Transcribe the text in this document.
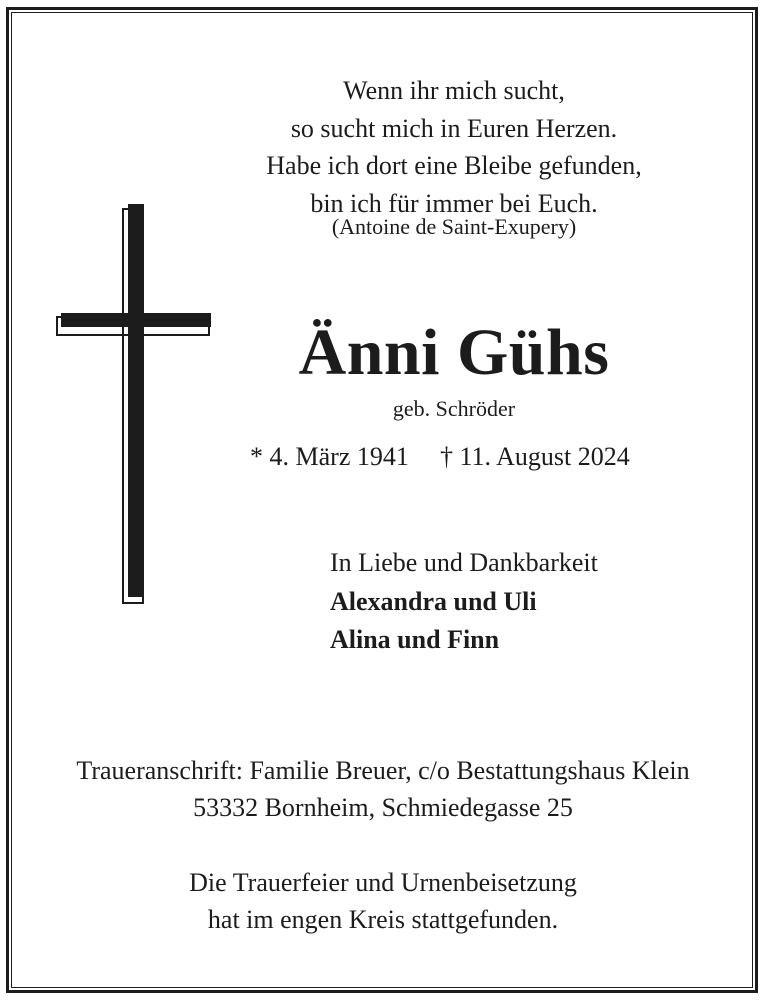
Wenn ihr mich sucht,
so sucht mich in Euren Herzen.
Habe ich dort eine Bleibe gefunden,
bin ich für immer bei Euch.
(Antoine de Saint-Exupery)
Änni Gühs
geb. Schröder
* 4. März 1941 † 11. August 2024
In Liebe und Dankbarkeit
Alexandra und Uli
Alina und Finn
Traueranschrift: Familie Breuer, c/o Bestattungshaus Klein
53332 Bornheim, Schmiedegasse 25
Die Trauerfeier und Urnenbeisetzung
hat im engen Kreis stattgefunden.
